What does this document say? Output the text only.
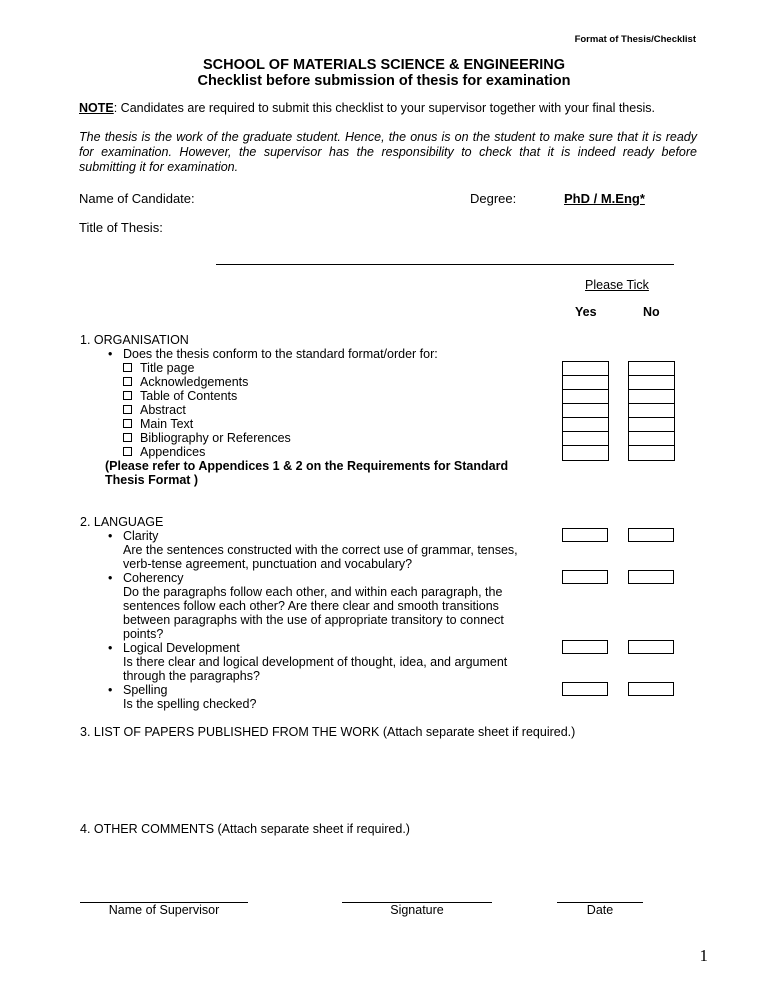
Format of Thesis/Checklist
SCHOOL OF MATERIALS SCIENCE & ENGINEERING
Checklist before submission of thesis for examination
NOTE: Candidates are required to submit this checklist to your supervisor together with your final thesis.
The thesis is the work of the graduate student. Hence, the onus is on the student to make sure that it is ready for examination. However, the supervisor has the responsibility to check that it is indeed ready before submitting it for examination.
Name of Candidate:	Degree:	PhD / M.Eng*
Title of Thesis:
Please Tick
Yes	No
1. ORGANISATION
• Does the thesis conform to the standard format/order for:
Title page
Acknowledgements
Table of Contents
Abstract
Main Text
Bibliography or References
Appendices
(Please refer to Appendices 1 & 2 on the Requirements for Standard
Thesis Format )
2. LANGUAGE
• Clarity
Are the sentences constructed with the correct use of grammar, tenses,
verb-tense agreement, punctuation and vocabulary?
• Coherency
Do the paragraphs follow each other, and within each paragraph, the
sentences follow each other? Are there clear and smooth transitions
between paragraphs with the use of appropriate transitory to connect
points?
• Logical Development
Is there clear and logical development of thought, idea, and argument
through the paragraphs?
• Spelling
Is the spelling checked?
3. LIST OF PAPERS PUBLISHED FROM THE WORK (Attach separate sheet if required.)
4. OTHER COMMENTS (Attach separate sheet if required.)
Name of Supervisor	Signature	Date
1
